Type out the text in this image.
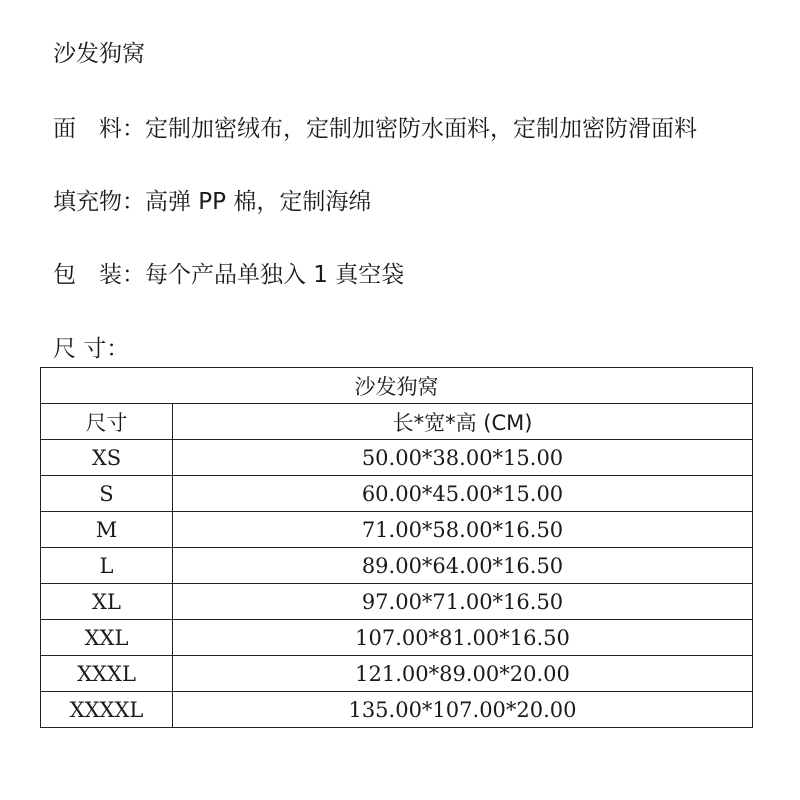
沙发狗窝
面　料：定制加密绒布，定制加密防水面料，定制加密防滑面料
填充物：高弹 PP 棉，定制海绵
包　装：每个产品单独入 1 真空袋
尺 寸：
沙发狗窝	
尺寸	长*宽*高 (CM)
XS	50.00*38.00*15.00
S	60.00*45.00*15.00
M	71.00*58.00*16.50
L	89.00*64.00*16.50
XL	97.00*71.00*16.50
XXL	107.00*81.00*16.50
XXXL	121.00*89.00*20.00
XXXXL	135.00*107.00*20.00
